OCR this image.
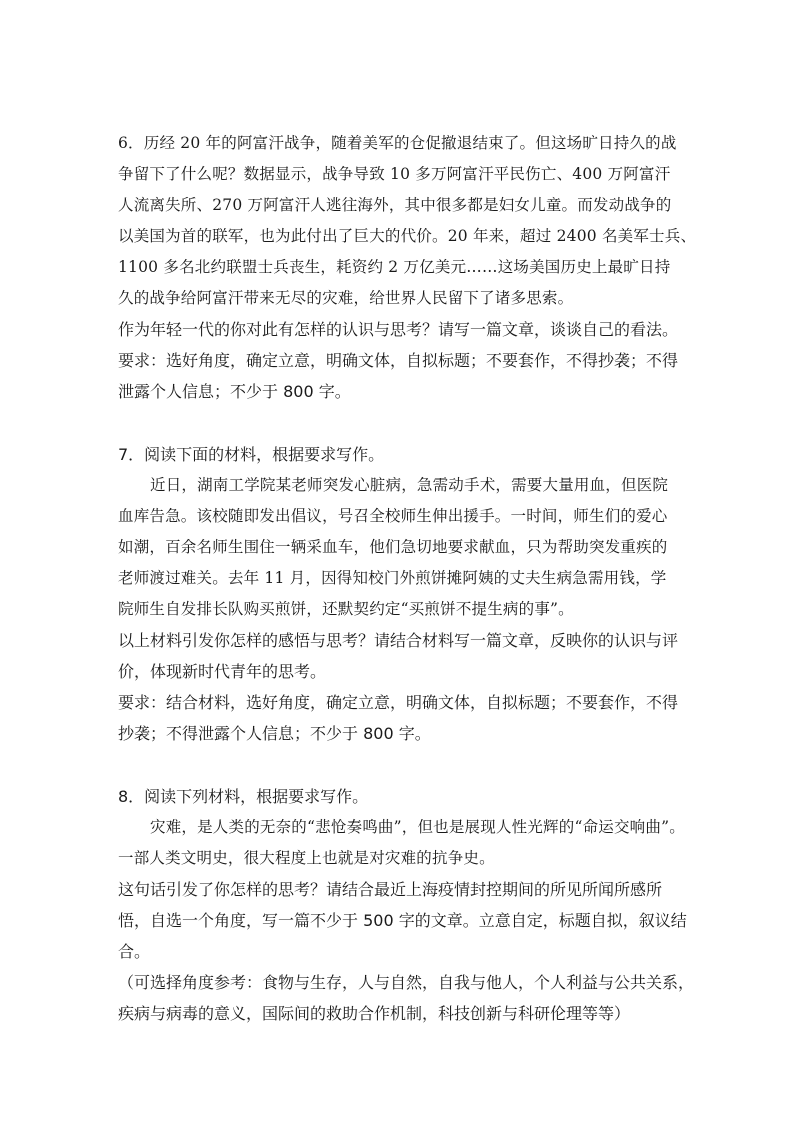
6．历经 20 年的阿富汗战争，随着美军的仓促撤退结束了。但这场旷日持久的战
争留下了什么呢？数据显示，战争导致 10 多万阿富汗平民伤亡、400 万阿富汗
人流离失所、270 万阿富汗人逃往海外，其中很多都是妇女儿童。而发动战争的
以美国为首的联军，也为此付出了巨大的代价。20 年来，超过 2400 名美军士兵、
1100 多名北约联盟士兵丧生，耗资约 2 万亿美元……这场美国历史上最旷日持
久的战争给阿富汗带来无尽的灾难，给世界人民留下了诸多思索。
作为年轻一代的你对此有怎样的认识与思考？请写一篇文章，谈谈自己的看法。
要求：选好角度，确定立意，明确文体，自拟标题；不要套作，不得抄袭；不得
泄露个人信息；不少于 800 字。
7．阅读下面的材料，根据要求写作。
近日，湖南工学院某老师突发心脏病，急需动手术，需要大量用血，但医院
血库告急。该校随即发出倡议，号召全校师生伸出援手。一时间，师生们的爱心
如潮，百余名师生围住一辆采血车，他们急切地要求献血，只为帮助突发重疾的
老师渡过难关。去年 11 月，因得知校门外煎饼摊阿姨的丈夫生病急需用钱，学
院师生自发排长队购买煎饼，还默契约定“买煎饼不提生病的事”。
以上材料引发你怎样的感悟与思考？请结合材料写一篇文章，反映你的认识与评
价，体现新时代青年的思考。
要求：结合材料，选好角度，确定立意，明确文体，自拟标题；不要套作，不得
抄袭；不得泄露个人信息；不少于 800 字。
8．阅读下列材料，根据要求写作。
灾难，是人类的无奈的“悲怆奏鸣曲”，但也是展现人性光辉的“命运交响曲”。
一部人类文明史，很大程度上也就是对灾难的抗争史。
这句话引发了你怎样的思考？请结合最近上海疫情封控期间的所见所闻所感所
悟，自选一个角度，写一篇不少于 500 字的文章。立意自定，标题自拟，叙议结
合。
（可选择角度参考：食物与生存，人与自然，自我与他人，个人利益与公共关系，
疾病与病毒的意义，国际间的救助合作机制，科技创新与科研伦理等等）
